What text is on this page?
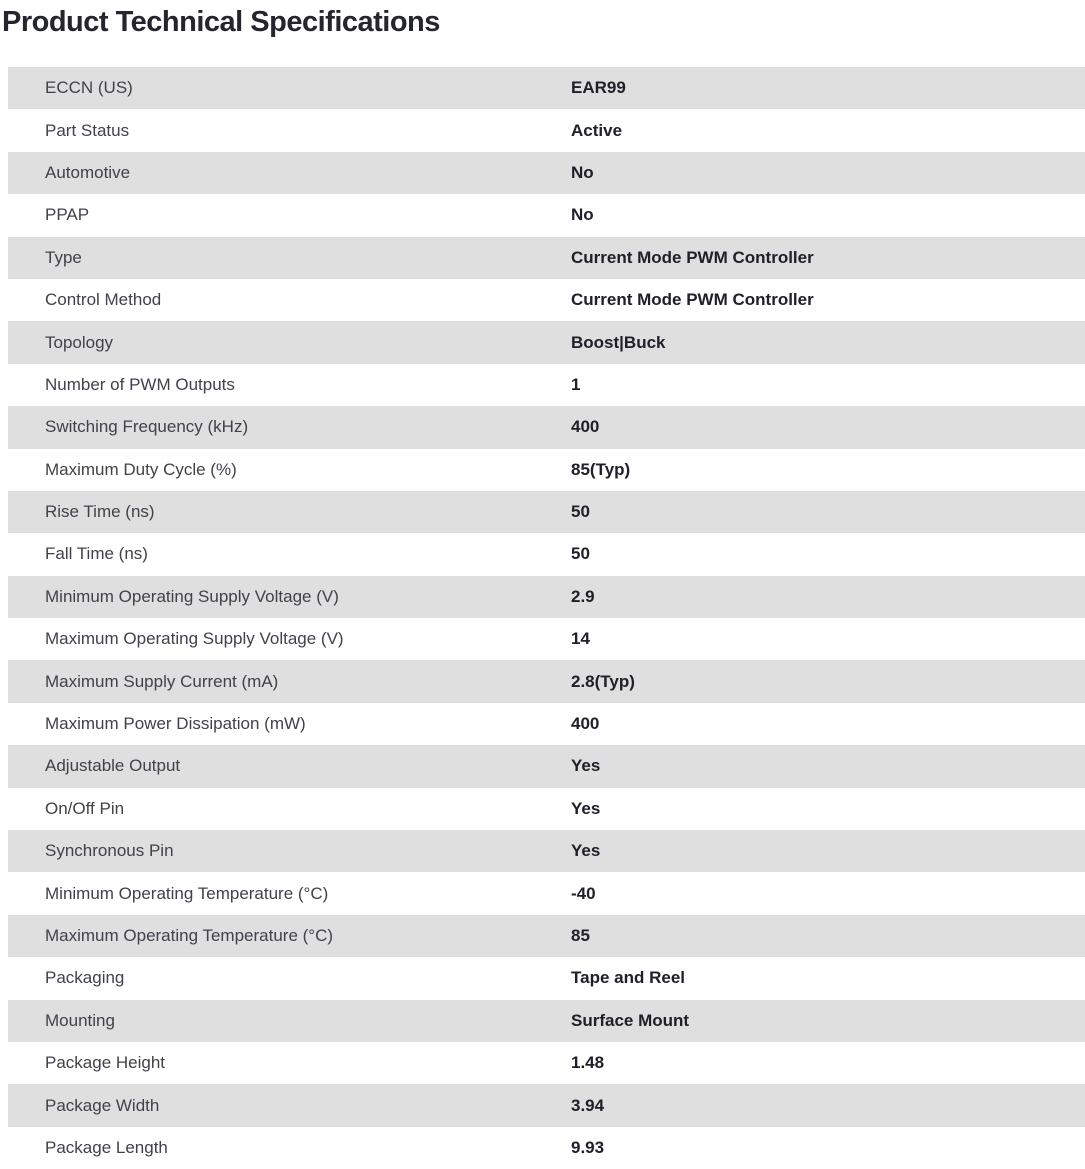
Product Technical Specifications
ECCN (US)	EAR99
Part Status	Active
Automotive	No
PPAP	No
Type	Current Mode PWM Controller
Control Method	Current Mode PWM Controller
Topology	Boost|Buck
Number of PWM Outputs	1
Switching Frequency (kHz)	400
Maximum Duty Cycle (%)	85(Typ)
Rise Time (ns)	50
Fall Time (ns)	50
Minimum Operating Supply Voltage (V)	2.9
Maximum Operating Supply Voltage (V)	14
Maximum Supply Current (mA)	2.8(Typ)
Maximum Power Dissipation (mW)	400
Adjustable Output	Yes
On/Off Pin	Yes
Synchronous Pin	Yes
Minimum Operating Temperature (°C)	-40
Maximum Operating Temperature (°C)	85
Packaging	Tape and Reel
Mounting	Surface Mount
Package Height	1.48
Package Width	3.94
Package Length	9.93
